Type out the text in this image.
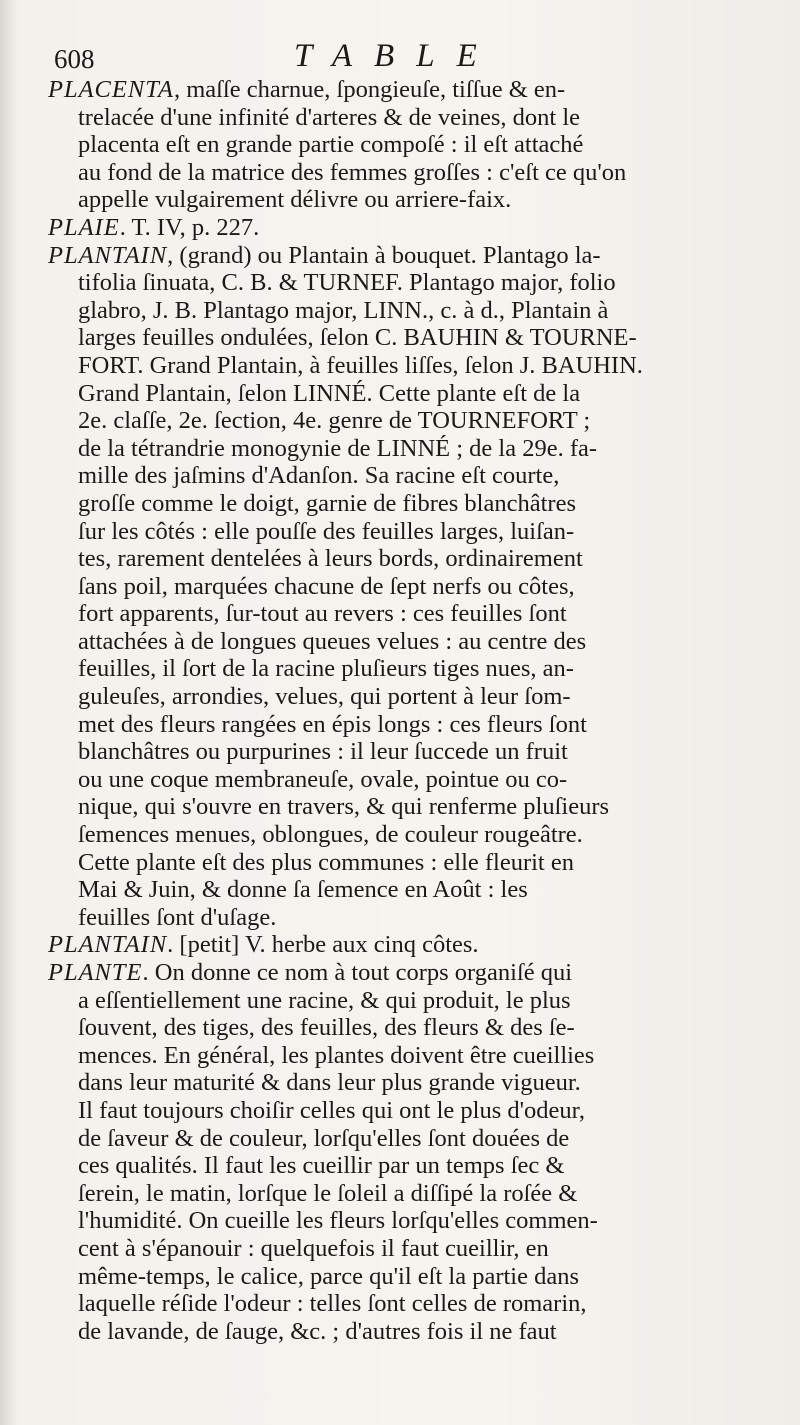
608	TABLE
PLACENTA, maſſe charnue, ſpongieuſe, tiſſue & en-
trelacée d'une infinité d'arteres & de veines, dont le
placenta eſt en grande partie compoſé : il eſt attaché
au fond de la matrice des femmes groſſes : c'eſt ce qu'on
appelle vulgairement délivre ou arriere-faix.
PLAIE. T. IV, p. 227.
PLANTAIN, (grand) ou Plantain à bouquet. Plantago la-
tifolia ſinuata, C. B. & TURNEF. Plantago major, folio
glabro, J. B. Plantago major, LINN., c. à d., Plantain à
larges feuilles ondulées, ſelon C. BAUHIN & TOURNE-
FORT. Grand Plantain, à feuilles liſſes, ſelon J. BAUHIN.
Grand Plantain, ſelon LINNÉ. Cette plante eſt de la
2e. claſſe, 2e. ſection, 4e. genre de TOURNEFORT ;
de la tétrandrie monogynie de LINNÉ ; de la 29e. fa-
mille des jaſmins d'Adanſon. Sa racine eſt courte,
groſſe comme le doigt, garnie de fibres blanchâtres
ſur les côtés : elle pouſſe des feuilles larges, luiſan-
tes, rarement dentelées à leurs bords, ordinairement
ſans poil, marquées chacune de ſept nerfs ou côtes,
fort apparents, ſur-tout au revers : ces feuilles ſont
attachées à de longues queues velues : au centre des
feuilles, il ſort de la racine pluſieurs tiges nues, an-
guleuſes, arrondies, velues, qui portent à leur ſom-
met des fleurs rangées en épis longs : ces fleurs ſont
blanchâtres ou purpurines : il leur ſuccede un fruit
ou une coque membraneuſe, ovale, pointue ou co-
nique, qui s'ouvre en travers, & qui renferme pluſieurs
ſemences menues, oblongues, de couleur rougeâtre.
Cette plante eſt des plus communes : elle fleurit en
Mai & Juin, & donne ſa ſemence en Août : les
feuilles ſont d'uſage.
PLANTAIN. [petit] V. herbe aux cinq côtes.
PLANTE. On donne ce nom à tout corps organiſé qui
a eſſentiellement une racine, & qui produit, le plus
ſouvent, des tiges, des feuilles, des fleurs & des ſe-
mences. En général, les plantes doivent être cueillies
dans leur maturité & dans leur plus grande vigueur.
Il faut toujours choiſir celles qui ont le plus d'odeur,
de ſaveur & de couleur, lorſqu'elles ſont douées de
ces qualités. Il faut les cueillir par un temps ſec &
ſerein, le matin, lorſque le ſoleil a diſſipé la roſée &
l'humidité. On cueille les fleurs lorſqu'elles commen-
cent à s'épanouir : quelquefois il faut cueillir, en
même-temps, le calice, parce qu'il eſt la partie dans
laquelle réſide l'odeur : telles ſont celles de romarin,
de lavande, de ſauge, &c. ; d'autres fois il ne faut
